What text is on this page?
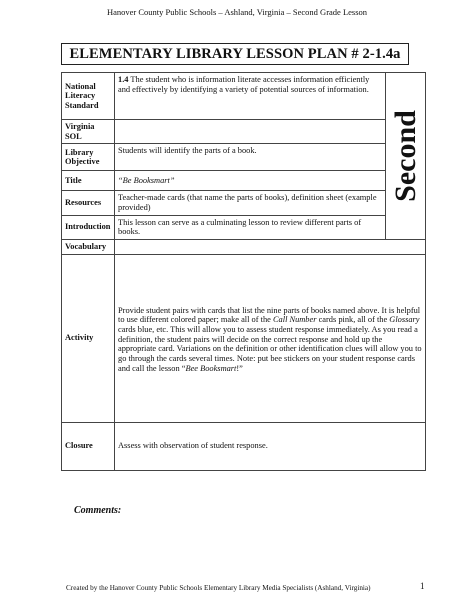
Hanover County Public Schools – Ashland, Virginia – Second Grade Lesson
ELEMENTARY LIBRARY LESSON PLAN # 2-1.4a
National Literacy Standard	1.4 The student who is information literate accesses information efficiently and effectively by identifying a variety of potential sources of information.	Second

Virginia SOL		
Library Objective	Students will identify the parts of a book.	
Title	“Be Booksmart”	
Resources	Teacher-made cards (that name the parts of books), definition sheet (example provided)	
Introduction	This lesson can serve as a culminating lesson to review different parts of books.	
Vocabulary		
Activity	Provide student pairs with cards that list the nine parts of books named above. It is helpful to use different colored paper; make all of the Call Number cards pink, all of the Glossary cards blue, etc. This will allow you to assess student response immediately. As you read a definition, the student pairs will decide on the correct response and hold up the appropriate card. Variations on the definition or other identification clues will allow you to go through the cards several times. Note: put bee stickers on your student response cards and call the lesson “Bee Booksmart!”	

Closure	Assess with observation of student response.	
Comments:
Created by the Hanover County Public Schools Elementary Library Media Specialists (Ashland, Virginia)	1
